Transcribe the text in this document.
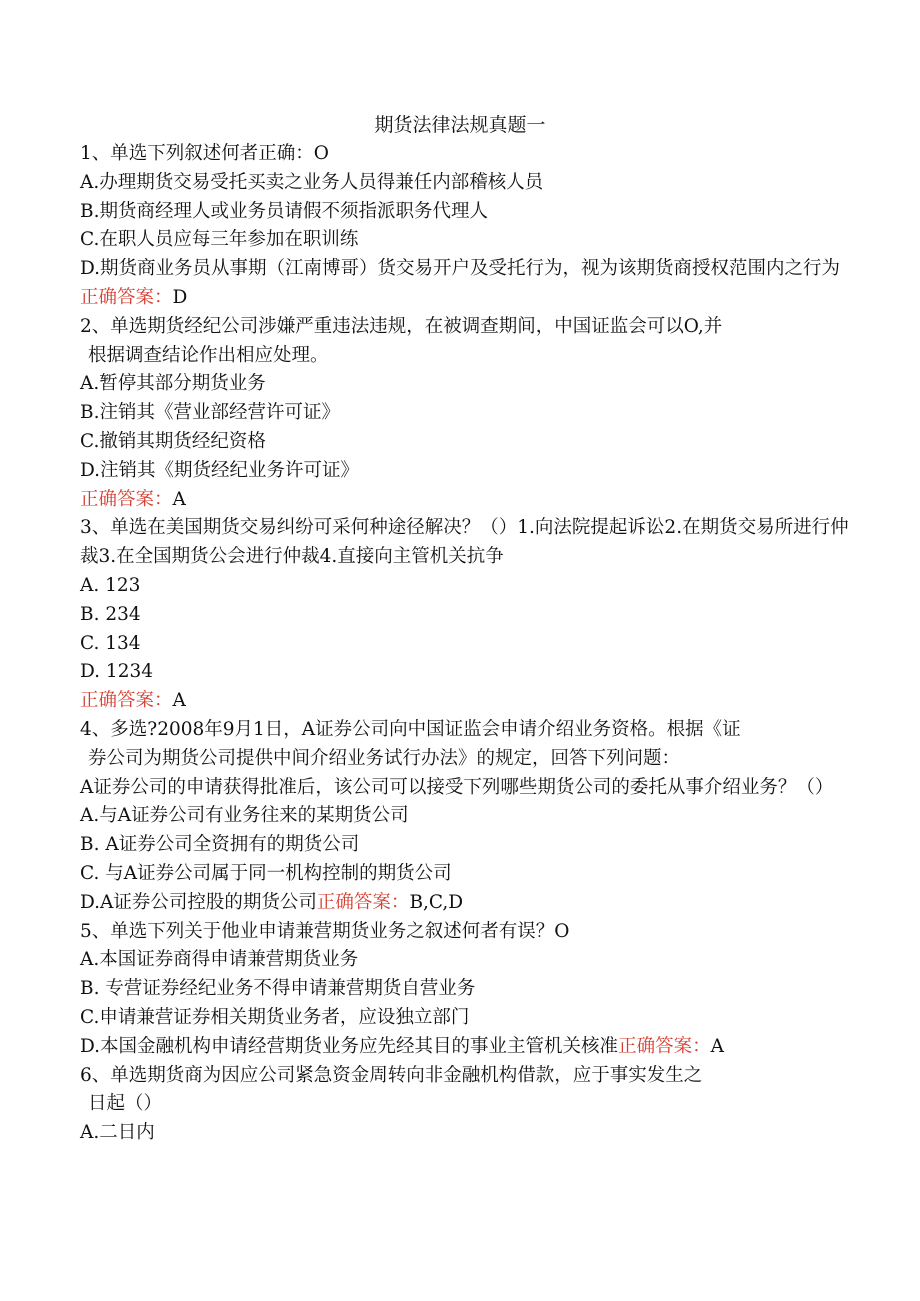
期货法律法规真题一
1、单选下列叙述何者正确：O
A.办理期货交易受托买卖之业务人员得兼任内部稽核人员
B.期货商经理人或业务员请假不须指派职务代理人
C.在职人员应每三年参加在职训练
D.期货商业务员从事期（江南博哥）货交易开户及受托行为，视为该期货商授权范围内之行为正确答案：D
2、单选期货经纪公司涉嫌严重违法违规，在被调查期间，中国证监会可以O,并
根据调查结论作出相应处理。
A.暂停其部分期货业务
B.注销其《营业部经营许可证》
C.撤销其期货经纪资格
D.注销其《期货经纪业务许可证》
正确答案：A
3、单选在美国期货交易纠纷可采何种途径解决？（）1.向法院提起诉讼2.在期货交易所进行仲裁3.在全国期货公会进行仲裁4.直接向主管机关抗争
A. 123
B. 234
C. 134
D. 1234
正确答案：A
4、多选?2008年9月1日，A证券公司向中国证监会申请介绍业务资格。根据《证
券公司为期货公司提供中间介绍业务试行办法》的规定，回答下列问题：
A证券公司的申请获得批准后，该公司可以接受下列哪些期货公司的委托从事介绍业务？（）
A.与A证券公司有业务往来的某期货公司
B. A证券公司全资拥有的期货公司
C. 与A证券公司属于同一机构控制的期货公司
D.A证券公司控股的期货公司正确答案：B,C,D
5、单选下列关于他业申请兼营期货业务之叙述何者有误？O
A.本国证券商得申请兼营期货业务
B. 专营证券经纪业务不得申请兼营期货自营业务
C.申请兼营证券相关期货业务者，应设独立部门
D.本国金融机构申请经营期货业务应先经其目的事业主管机关核准正确答案：A
6、单选期货商为因应公司紧急资金周转向非金融机构借款，应于事实发生之
日起（）
A.二日内
